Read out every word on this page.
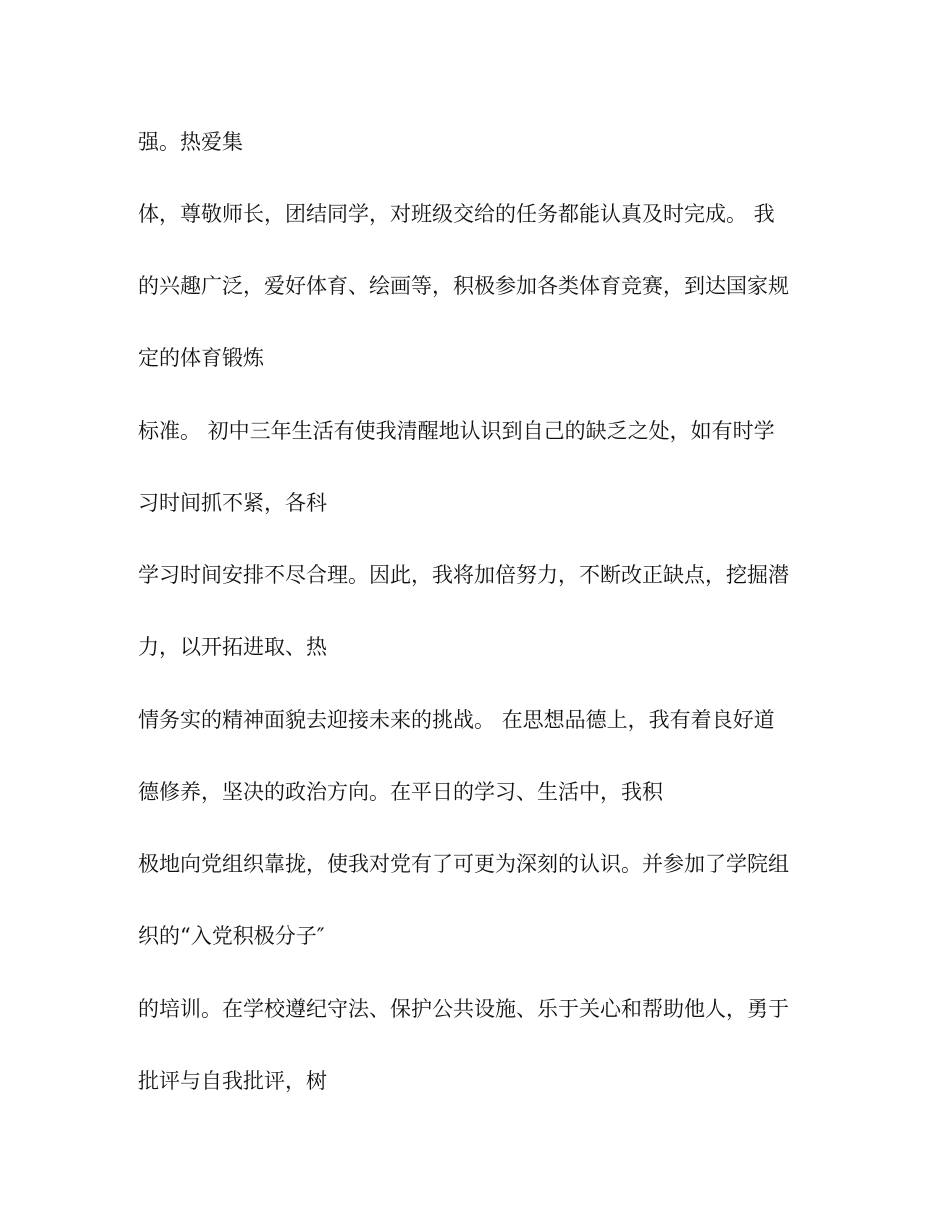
强。热爱集

体，尊敬师长，团结同学，对班级交给的任务都能认真及时完成。 我

的兴趣广泛，爱好体育、绘画等，积极参加各类体育竞赛，到达国家规

定的体育锻炼

标准。 初中三年生活有使我清醒地认识到自己的缺乏之处，如有时学

习时间抓不紧，各科

学习时间安排不尽合理。因此，我将加倍努力，不断改正缺点，挖掘潜

力，以开拓进取、热

情务实的精神面貌去迎接未来的挑战。 在思想品德上，我有着良好道

德修养，坚决的政治方向。在平日的学习、生活中，我积

极地向党组织靠拢，使我对党有了可更为深刻的认识。并参加了学院组

织的“入党积极分子″

的培训。在学校遵纪守法、保护公共设施、乐于关心和帮助他人，勇于

批评与自我批评，树
